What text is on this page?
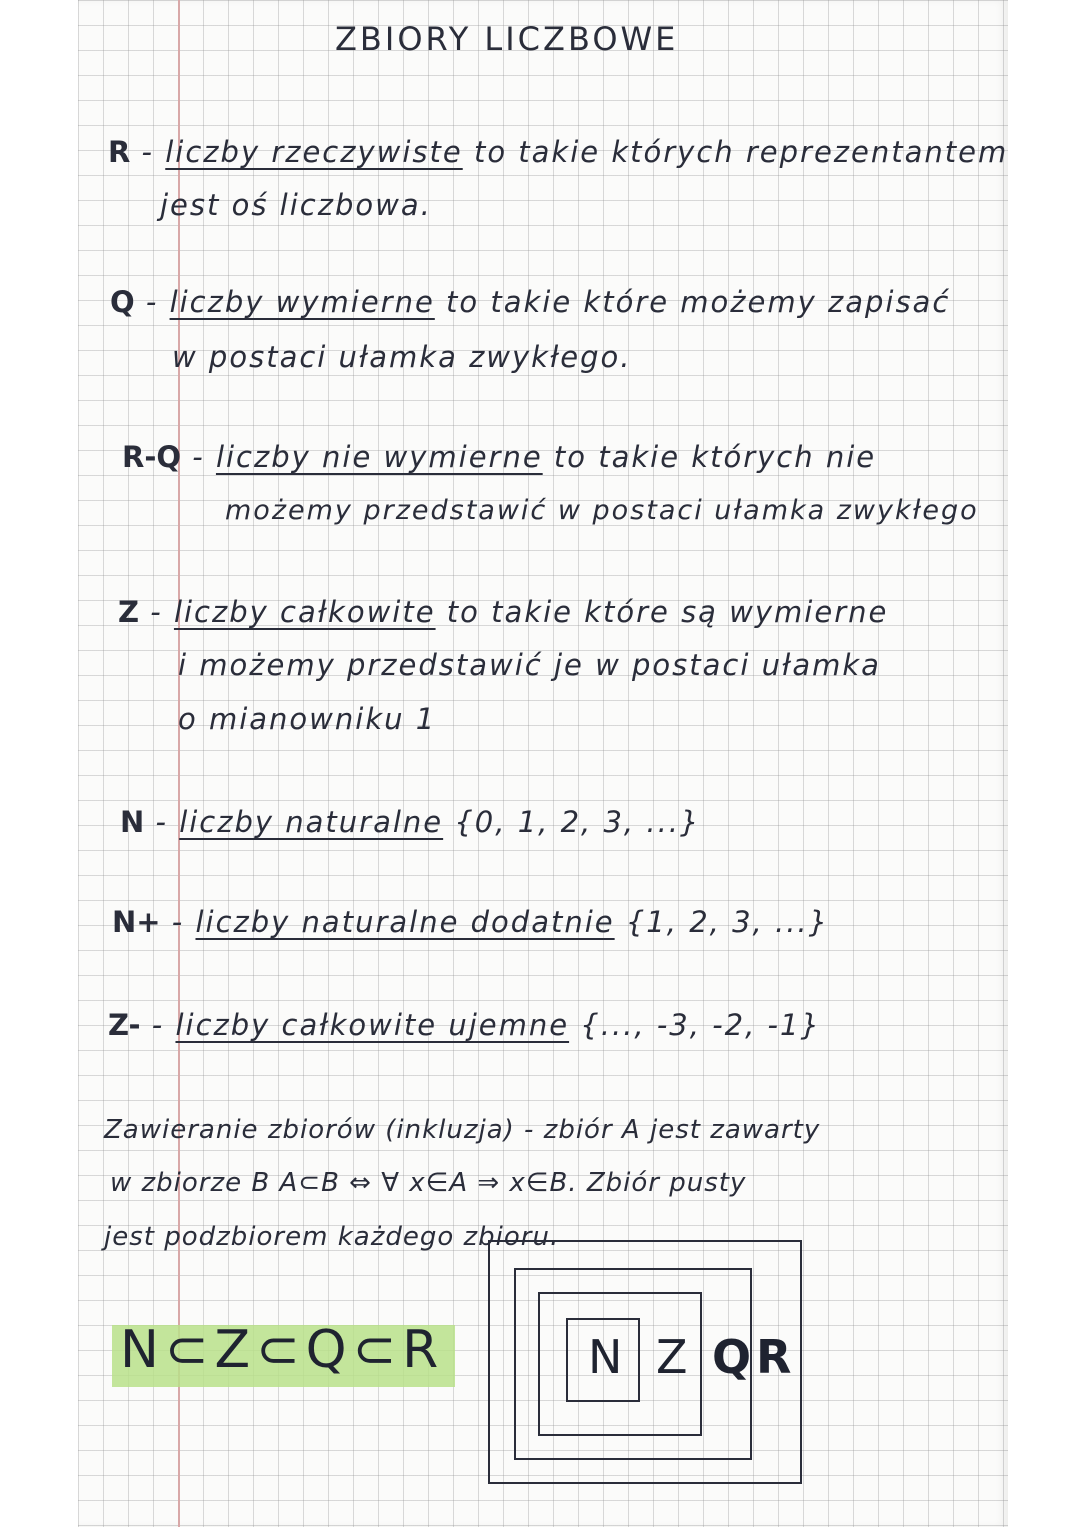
ZBIORY LICZBOWE
R - liczby rzeczywiste to takie których reprezentantem
jest oś liczbowa.
Q - liczby wymierne to takie które możemy zapisać
w postaci ułamka zwykłego.
R-Q - liczby nie wymierne to takie których nie
możemy przedstawić w postaci ułamka zwykłego
Z - liczby całkowite to takie które są wymierne
i możemy przedstawić je w postaci ułamka
o mianowniku 1
N - liczby naturalne {0, 1, 2, 3, ...}
N+ - liczby naturalne dodatnie {1, 2, 3, ...}
Z- - liczby całkowite ujemne {..., -3, -2, -1}
Zawieranie zbiorów (inkluzja) - zbiór A jest zawarty
w zbiorze B A⊂B ⇔ ∀ x∈A ⇒ x∈B. Zbiór pusty
jest podzbiorem każdego zbioru.
N⊂Z⊂Q⊂R	N Z Q R
